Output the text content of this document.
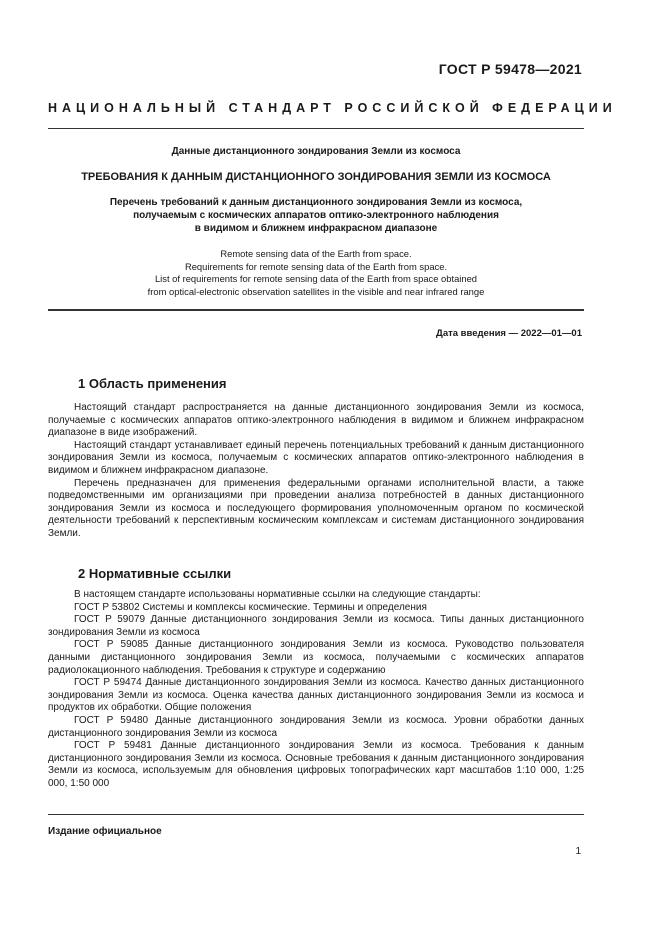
ГОСТ Р 59478—2021
НАЦИОНАЛЬНЫЙ СТАНДАРТ РОССИЙСКОЙ ФЕДЕРАЦИИ
Данные дистанционного зондирования Земли из космоса
ТРЕБОВАНИЯ К ДАННЫМ ДИСТАНЦИОННОГО ЗОНДИРОВАНИЯ ЗЕМЛИ ИЗ КОСМОСА
Перечень требований к данным дистанционного зондирования Земли из космоса,
получаемым с космических аппаратов оптико-электронного наблюдения
в видимом и ближнем инфракрасном диапазоне
Remote sensing data of the Earth from space.
Requirements for remote sensing data of the Earth from space.
List of requirements for remote sensing data of the Earth from space obtained
from optical-electronic observation satellites in the visible and near infrared range
Дата введения — 2022—01—01
1 Область применения

Настоящий стандарт распространяется на данные дистанционного зондирования Земли из космоса, получаемые с космических аппаратов оптико-электронного наблюдения в видимом и ближнем инфракрасном диапазоне в виде изображений.

Настоящий стандарт устанавливает единый перечень потенциальных требований к данным дистанционного зондирования Земли из космоса, получаемым с космических аппаратов оптико-электронного наблюдения в видимом и ближнем инфракрасном диапазоне.

Перечень предназначен для применения федеральными органами исполнительной власти, а также подведомственными им организациями при проведении анализа потребностей в данных дистанционного зондирования Земли из космоса и последующего формирования уполномоченным органом по космической деятельности требований к перспективным космическим комплексам и системам дистанционного зондирования Земли.

2 Нормативные ссылки

В настоящем стандарте использованы нормативные ссылки на следующие стандарты:

ГОСТ Р 53802 Системы и комплексы космические. Термины и определения

ГОСТ Р 59079 Данные дистанционного зондирования Земли из космоса. Типы данных дистанционного зондирования Земли из космоса

ГОСТ Р 59085 Данные дистанционного зондирования Земли из космоса. Руководство пользователя данными дистанционного зондирования Земли из космоса, получаемыми с космических аппаратов радиолокационного наблюдения. Требования к структуре и содержанию

ГОСТ Р 59474 Данные дистанционного зондирования Земли из космоса. Качество данных дистанционного зондирования Земли из космоса. Оценка качества данных дистанционного зондирования Земли из космоса и продуктов их обработки. Общие положения

ГОСТ Р 59480 Данные дистанционного зондирования Земли из космоса. Уровни обработки данных дистанционного зондирования Земли из космоса

ГОСТ Р 59481 Данные дистанционного зондирования Земли из космоса. Требования к данным дистанционного зондирования Земли из космоса. Основные требования к данным дистанционного зондирования Земли из космоса, используемым для обновления цифровых топографических карт масштабов 1:10 000, 1:25 000, 1:50 000

Издание официальное
1
